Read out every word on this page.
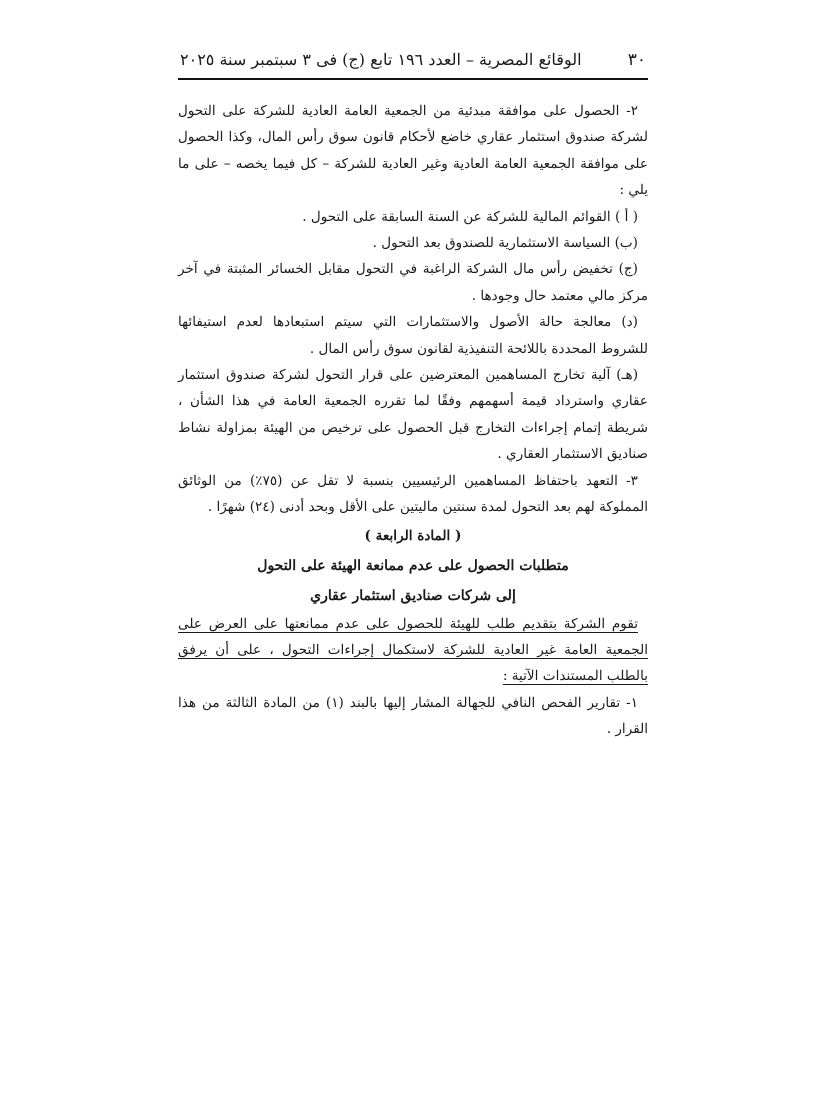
٣٠
الوقائع المصرية – العدد ١٩٦ تابع (ج) فى ٣ سبتمبر سنة ٢٠٢٥

٢- الحصول على موافقة مبدئية من الجمعية العامة العادية للشركة على التحول لشركة صندوق استثمار عقاري خاضع لأحكام قانون سوق رأس المال، وكذا الحصول على موافقة الجمعية العامة العادية وغير العادية للشركة – كل فيما يخصه – على ما يلي :

( أ ) القوائم المالية للشركة عن السنة السابقة على التحول .

(ب) السياسة الاستثمارية للصندوق بعد التحول .

(ج) تخفيض رأس مال الشركة الراغبة في التحول مقابل الخسائر المثبتة في آخر مركز مالي معتمد حال وجودها .

(د) معالجة حالة الأصول والاستثمارات التي سيتم استبعادها لعدم استيفائها للشروط المحددة باللائحة التنفيذية لقانون سوق رأس المال .

(هـ) آلية تخارج المساهمين المعترضين على قرار التحول لشركة صندوق استثمار عقاري واسترداد قيمة أسهمهم وفقًا لما تقرره الجمعية العامة في هذا الشأن ، شريطة إتمام إجراءات التخارج قبل الحصول على ترخيص من الهيئة بمزاولة نشاط صناديق الاستثمار العقاري .

٣- التعهد باحتفاظ المساهمين الرئيسيين بنسبة لا تقل عن (٧٥٪) من الوثائق المملوكة لهم بعد التحول لمدة سنتين ماليتين على الأقل وبحد أدنى (٢٤) شهرًا .

( المادة الرابعة )

متطلبات الحصول على عدم ممانعة الهيئة على التحول

إلى شركات صناديق استثمار عقاري

تقوم الشركة بتقديم طلب للهيئة للحصول على عدم ممانعتها على العرض على الجمعية العامة غير العادية للشركة لاستكمال إجراءات التحول ، على أن يرفق بالطلب المستندات الآتية :

١- تقارير الفحص النافي للجهالة المشار إليها بالبند (١) من المادة الثالثة من هذا القرار .
